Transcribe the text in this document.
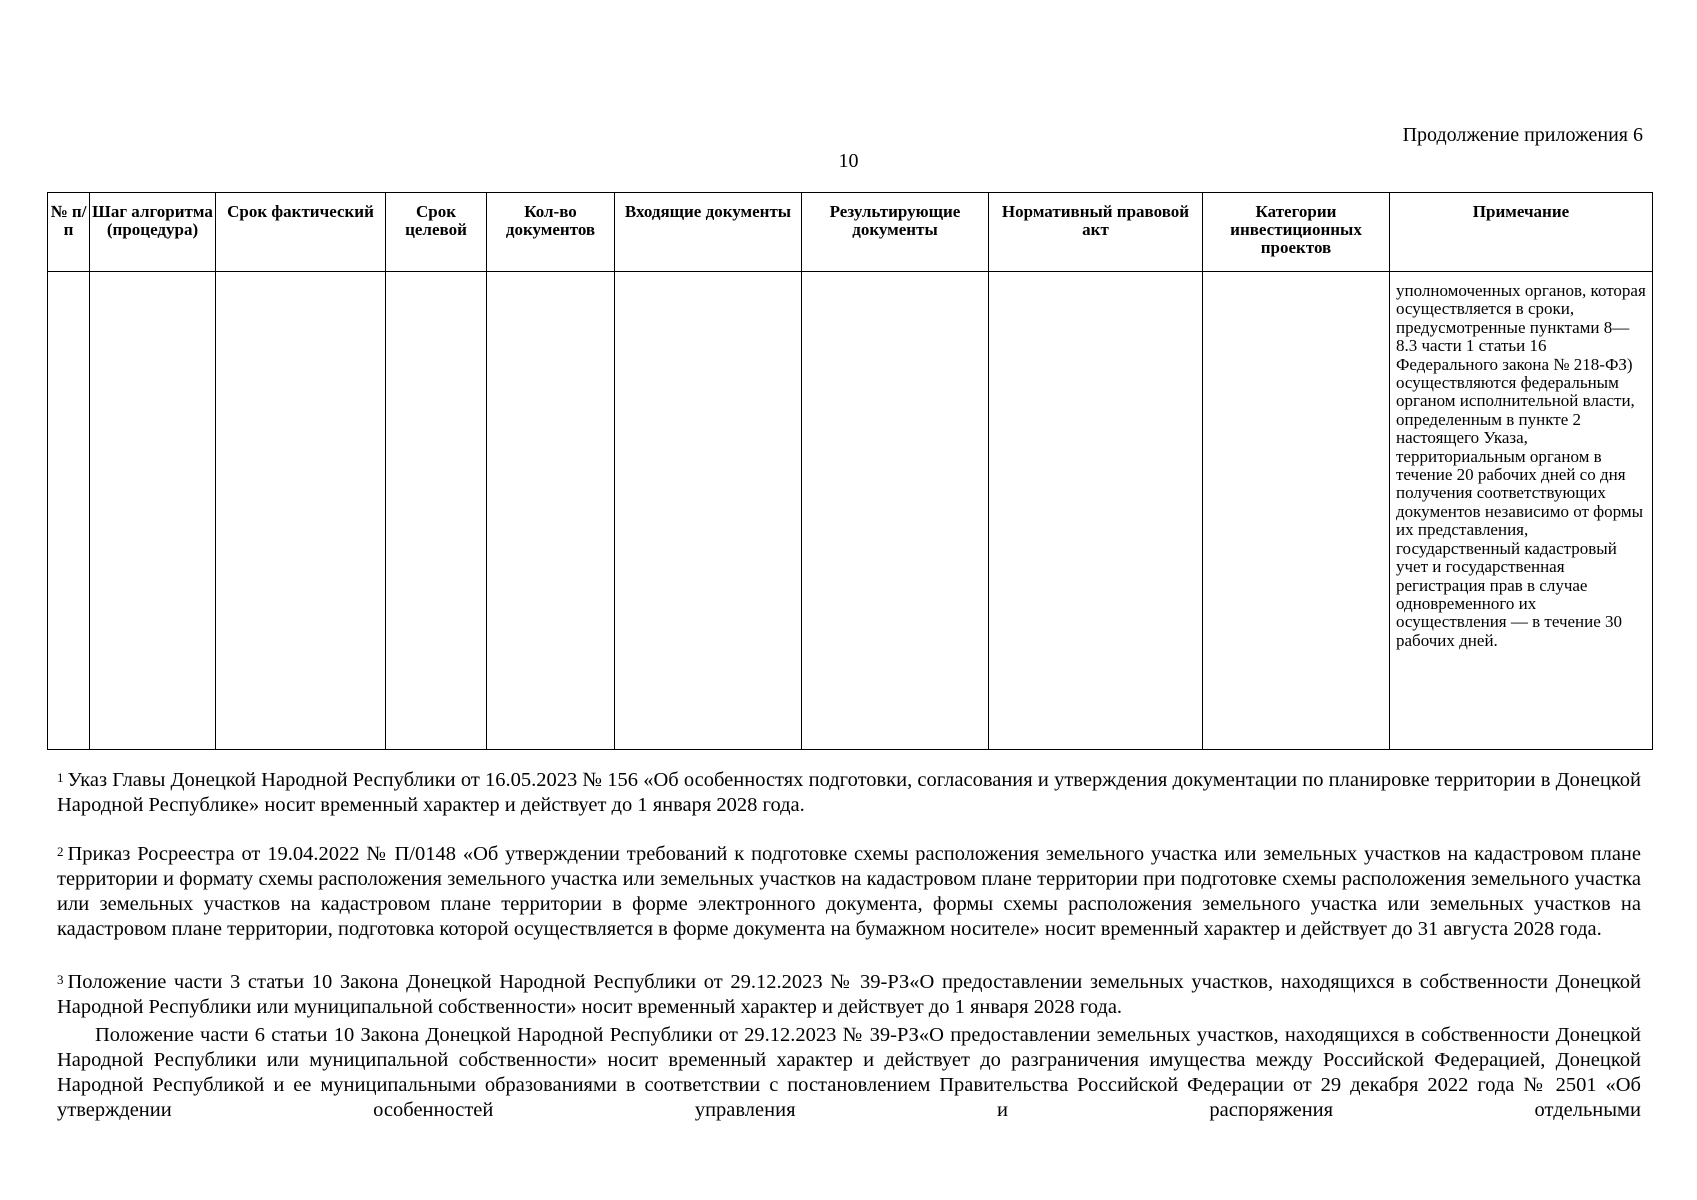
Продолжение приложения 6
10
№ п/п	Шаг алгоритма (процедура)	Срок фактический	Срок целевой	Кол-во документов	Входящие документы	Результирующие документы	Нормативный правовой акт	Категории инвестиционных проектов	Примечание
									уполномоченных органов, которая осуществляется в сроки, предусмотренные пунктами 8—8.3 части 1 статьи 16 Федерального закона № 218-ФЗ) осуществляются федеральным органом исполнительной власти, определенным в пункте 2 настоящего Указа, территориальным органом в течение 20 рабочих дней со дня получения соответствующих документов независимо от формы их представления, государственный кадастровый учет и государственная регистрация прав в случае одновременного их осуществления — в течение 30 рабочих дней.

$^1$ Указ Главы Донецкой Народной Республики от 16.05.2023 № 156 «Об особенностях подготовки, согласования и утверждения документации по планировке территории в Донецкой Народной Республике» носит временный характер и действует до 1 января 2028 года.

$^2$ Приказ Росреестра от 19.04.2022 № П/0148 «Об утверждении требований к подготовке схемы расположения земельного участка или земельных участков на кадастровом плане территории и формату схемы расположения земельного участка или земельных участков на кадастровом плане территории при подготовке схемы расположения земельного участка или земельных участков на кадастровом плане территории в форме электронного документа, формы схемы расположения земельного участка или земельных участков на кадастровом плане территории, подготовка которой осуществляется в форме документа на бумажном носителе» носит временный характер и действует до 31 августа 2028 года.

$^3$ Положение части 3 статьи 10 Закона Донецкой Народной Республики от 29.12.2023 № 39-РЗ«О предоставлении земельных участков, находящихся в собственности Донецкой Народной Республики или муниципальной собственности» носит временный характер и действует до 1 января 2028 года.

Положение части 6 статьи 10 Закона Донецкой Народной Республики от 29.12.2023 № 39-РЗ«О предоставлении земельных участков, находящихся в собственности Донецкой Народной Республики или муниципальной собственности» носит временный характер и действует до разграничения имущества между Российской Федерацией, Донецкой Народной Республикой и ее муниципальными образованиями в соответствии с постановлением Правительства Российской Федерации от 29 декабря 2022 года № 2501 «Об утверждении особенностей управления и распоряжения отдельными
